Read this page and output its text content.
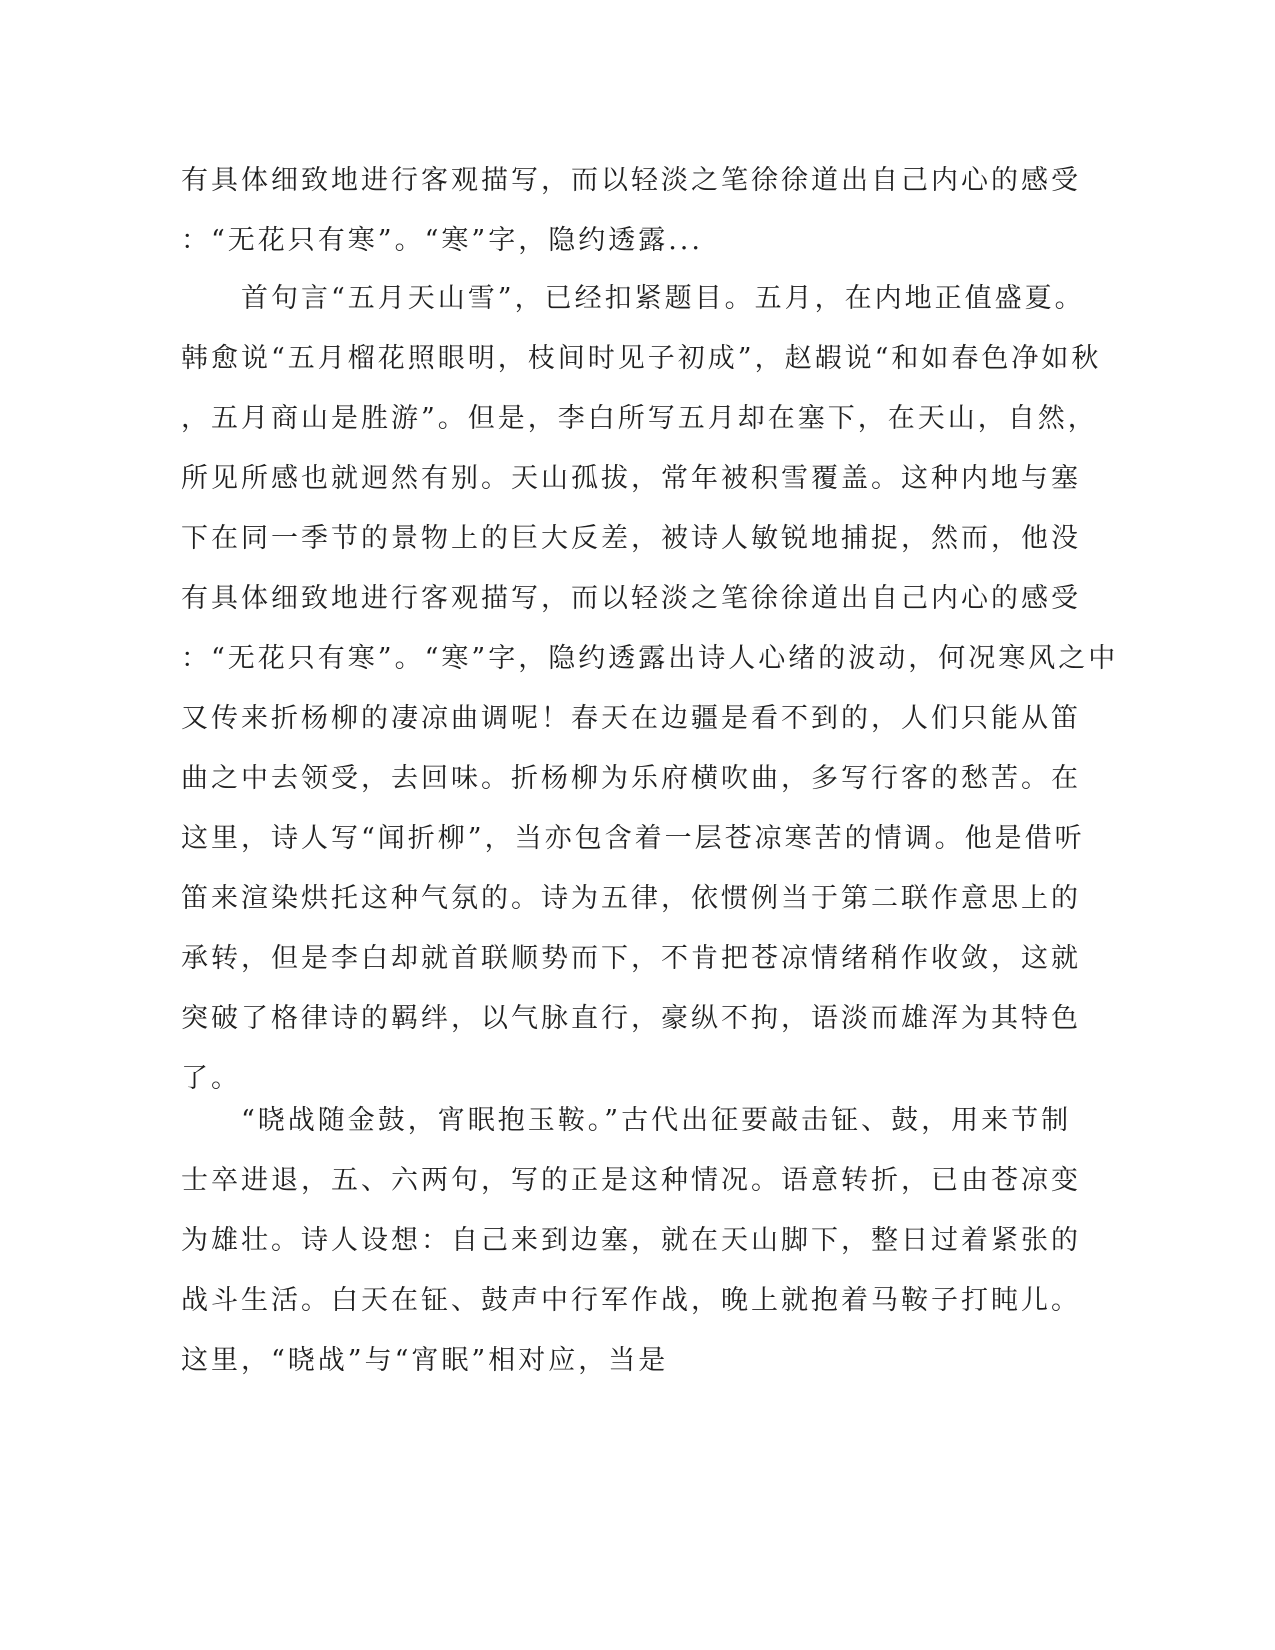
有具体细致地进行客观描写，而以轻淡之笔徐徐道出自己内心的感受
：“无花只有寒”。“寒”字，隐约透露...
　　首句言“五月天山雪”，已经扣紧题目。五月，在内地正值盛夏。
韩愈说“五月榴花照眼明，枝间时见子初成”，赵嘏说“和如春色净如秋
，五月商山是胜游”。但是，李白所写五月却在塞下，在天山，自然，
所见所感也就迥然有别。天山孤拔，常年被积雪覆盖。这种内地与塞
下在同一季节的景物上的巨大反差，被诗人敏锐地捕捉，然而，他没
有具体细致地进行客观描写，而以轻淡之笔徐徐道出自己内心的感受
：“无花只有寒”。“寒”字，隐约透露出诗人心绪的波动，何况寒风之中
又传来折杨柳的凄凉曲调呢！春天在边疆是看不到的，人们只能从笛
曲之中去领受，去回味。折杨柳为乐府横吹曲，多写行客的愁苦。在
这里，诗人写“闻折柳”，当亦包含着一层苍凉寒苦的情调。他是借听
笛来渲染烘托这种气氛的。诗为五律，依惯例当于第二联作意思上的
承转，但是李白却就首联顺势而下，不肯把苍凉情绪稍作收敛，这就
突破了格律诗的羁绊，以气脉直行，豪纵不拘，语淡而雄浑为其特色
了。
　　“晓战随金鼓，宵眠抱玉鞍。”古代出征要敲击钲、鼓，用来节制
士卒进退，五、六两句，写的正是这种情况。语意转折，已由苍凉变
为雄壮。诗人设想：自己来到边塞，就在天山脚下，整日过着紧张的
战斗生活。白天在钲、鼓声中行军作战，晚上就抱着马鞍子打盹儿。
这里，“晓战”与“宵眠”相对应，当是
